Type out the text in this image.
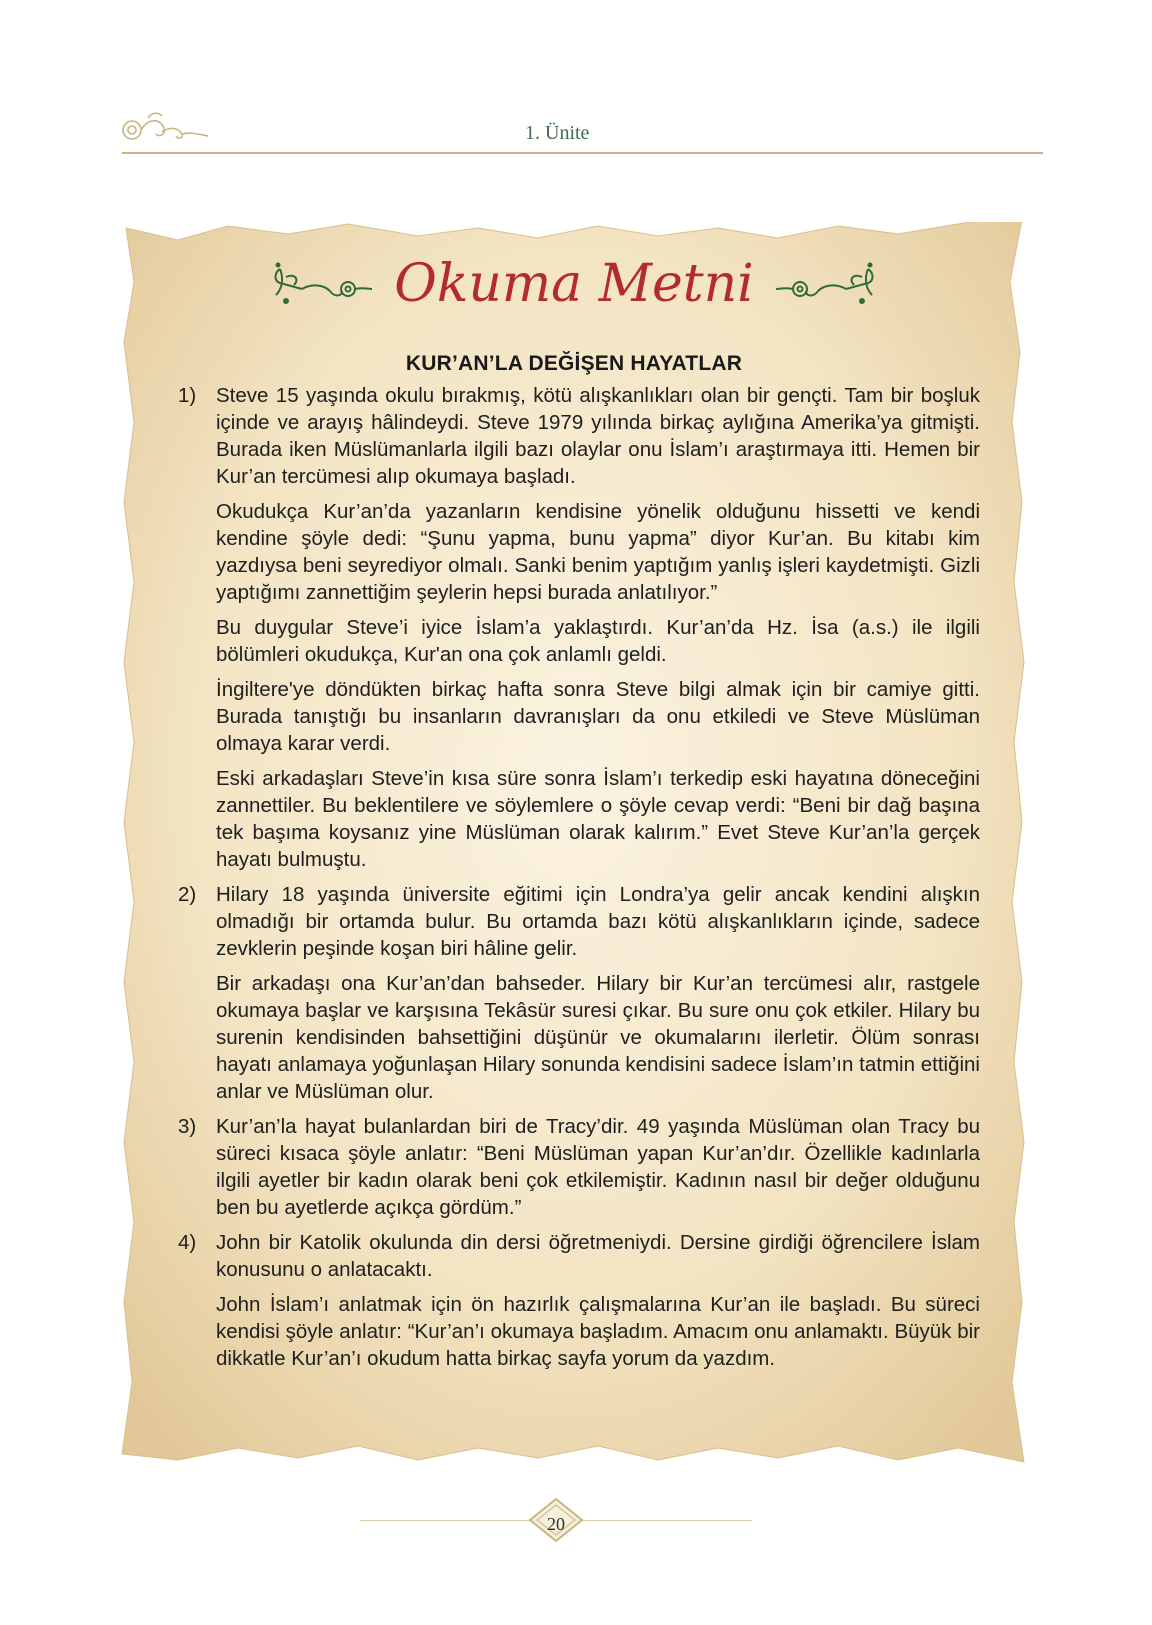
1. Ünite
Okuma Metni
KUR’AN’LA DEĞİŞEN HAYATLAR
1) Steve 15 yaşında okulu bırakmış, kötü alışkanlıkları olan bir gençti. Tam bir boşluk içinde ve arayış hâlindeydi. Steve 1979 yılında birkaç aylığına Amerika’ya gitmişti. Burada iken Müslümanlarla ilgili bazı olaylar onu İslam’ı araştırmaya itti. Hemen bir Kur’an tercümesi alıp okumaya başladı.

Okudukça Kur’an’da yazanların kendisine yönelik olduğunu hissetti ve kendi kendine şöyle dedi: “Şunu yapma, bunu yapma” diyor Kur’an. Bu kitabı kim yazdıysa beni seyrediyor olmalı. Sanki benim yaptığım yanlış işleri kaydetmişti. Gizli yaptığımı zannettiğim şeylerin hepsi burada anlatılıyor.”

Bu duygular Steve’i iyice İslam’a yaklaştırdı. Kur’an’da Hz. İsa (a.s.) ile ilgili bölümleri okudukça, Kur'an ona çok anlamlı geldi.

İngiltere'ye döndükten birkaç hafta sonra Steve bilgi almak için bir camiye gitti. Burada tanıştığı bu insanların davranışları da onu etkiledi ve Steve Müslüman olmaya karar verdi.

Eski arkadaşları Steve’in kısa süre sonra İslam’ı terkedip eski hayatına döneceğini zannettiler. Bu beklentilere ve söylemlere o şöyle cevap verdi: “Beni bir dağ başına tek başıma koysanız yine Müslüman olarak kalırım.” Evet Steve Kur’an’la gerçek hayatı bulmuştu.

2) Hilary 18 yaşında üniversite eğitimi için Londra’ya gelir ancak kendini alışkın olmadığı bir ortamda bulur. Bu ortamda bazı kötü alışkanlıkların içinde, sadece zevklerin peşinde koşan biri hâline gelir.

Bir arkadaşı ona Kur’an’dan bahseder. Hilary bir Kur’an tercümesi alır, rastgele okumaya başlar ve karşısına Tekâsür suresi çıkar. Bu sure onu çok etkiler. Hilary bu surenin kendisinden bahsettiğini düşünür ve okumalarını ilerletir. Ölüm sonrası hayatı anlamaya yoğunlaşan Hilary sonunda kendisini sadece İslam’ın tatmin ettiğini anlar ve Müslüman olur.

3) Kur’an’la hayat bulanlardan biri de Tracy’dir. 49 yaşında Müslüman olan Tracy bu süreci kısaca şöyle anlatır: “Beni Müslüman yapan Kur’an’dır. Özellikle kadınlarla ilgili ayetler bir kadın olarak beni çok etkilemiştir. Kadının nasıl bir değer olduğunu ben bu ayetlerde açıkça gördüm.”
4) John bir Katolik okulunda din dersi öğretmeniydi. Dersine girdiği öğrencilere İslam konusunu o anlatacaktı.

John İslam’ı anlatmak için ön hazırlık çalışmalarına Kur’an ile başladı. Bu süreci kendisi şöyle anlatır: “Kur’an’ı okumaya başladım. Amacım onu anlamaktı. Büyük bir dikkatle Kur’an’ı okudum hatta birkaç sayfa yorum da yazdım.

20
